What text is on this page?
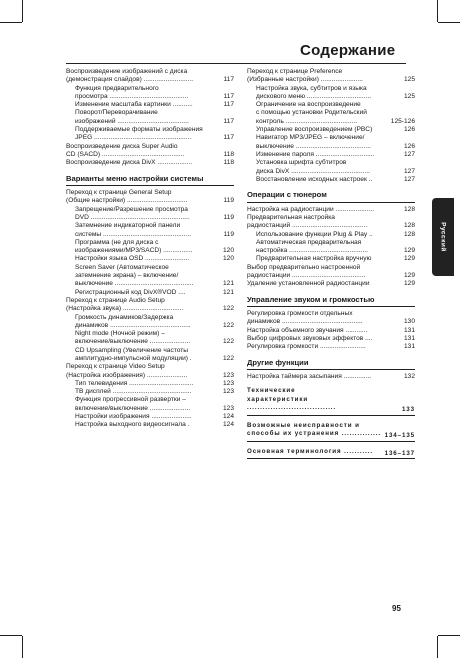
Содержание
Воспроизведение изображений с диска
(демонстрация слайдов) ...........................	117
Функция предварительного
просмотра ...........................................	117
Изменение масштаба картинки ...........	117
Поворот/Переворачивание
изображений .......................................	117
Поддерживаемые форматы изображения
JPEG .....................................................	117
Воспроизведение диска Super Audio
CD (SACD) .............................................	118
Воспроизведение диска DivX ...................	118
Варианты меню настройки системы
Переход к странице General Setup
(Общие настройки) .................................	119
Запрещение/Разрешение просмотра
DVD ......................................................	119
Затемнение индикаторной панели
системы ................................................	119
Программа (не для диска с
изображениями/MP3/SACD) ................	120
Настройки языка OSD ........................	120
Screen Saver (Автоматическое
затемнение экрана) – включение/
выключение ...........................................	121
Регистрационный код DivX®VOD ....	121
Переход к странице Audio Setup
(Настройка звука) .................................	122
Громкость динамиков/Задержка
динамиков ............................................	122
Night mode (Ночной режим) –
включение/выключение ......................	122
CD Upsampling (Увеличение частоты
амплитудно-импульсной модуляции) .	122
Переход к странице Video Setup
(Настройка изображения) ......................	123
Тип телевидения ...................................	123
ТВ дисплей ...........................................	123
Функция прогрессивной развертки –
включение/выключение ......................	123
Настройки изображения ......................	124
Настройка выходного видеосигнала .	124
Переход к странице Preference
(Избранные настройки) .......................	125
Настройка звука, субтитров и языка
дискового меню ...................................	125
Ограничение на воспроизведение
с помощью установки Родительский
контроль .......................................	125-126
Управление воспроизведением (PBC)	126
Навигатор MP3/JPEG – включение/
выключение .........................................	126
Изменение пароля ................................	127
Установка шрифта субтитров
диска DivX ...........................................	127
Восстановление исходных настроек ..	127
Операции с тюнером
Настройка на радиостанции .....................	128
Предварительная настройка
радиостанций .........................................	128
Использование функции Plug & Play ..	128
Автоматическая предварительная
настройка ...........................................	129
Предварительная настройка вручную	129
Выбор предварительно настроенной
радиостанции ........................................	129
Удаление установленной радиостанции	129
Управление звуком и громкостью
Регулировка громкости отдельных
динамиков ............................................	130
Настройка объемного звучания ............	131
Выбор цифровых звуковых эффектов ....	131
Регулировка громкости .........................	131
Другие функции
Настройка таймера засыпания ...............	132
Технические
характеристики ..................................	133
Возможные неисправности и
способы их устранения ............... 134–135
Основная терминология ...........	136–137
Русский
95
